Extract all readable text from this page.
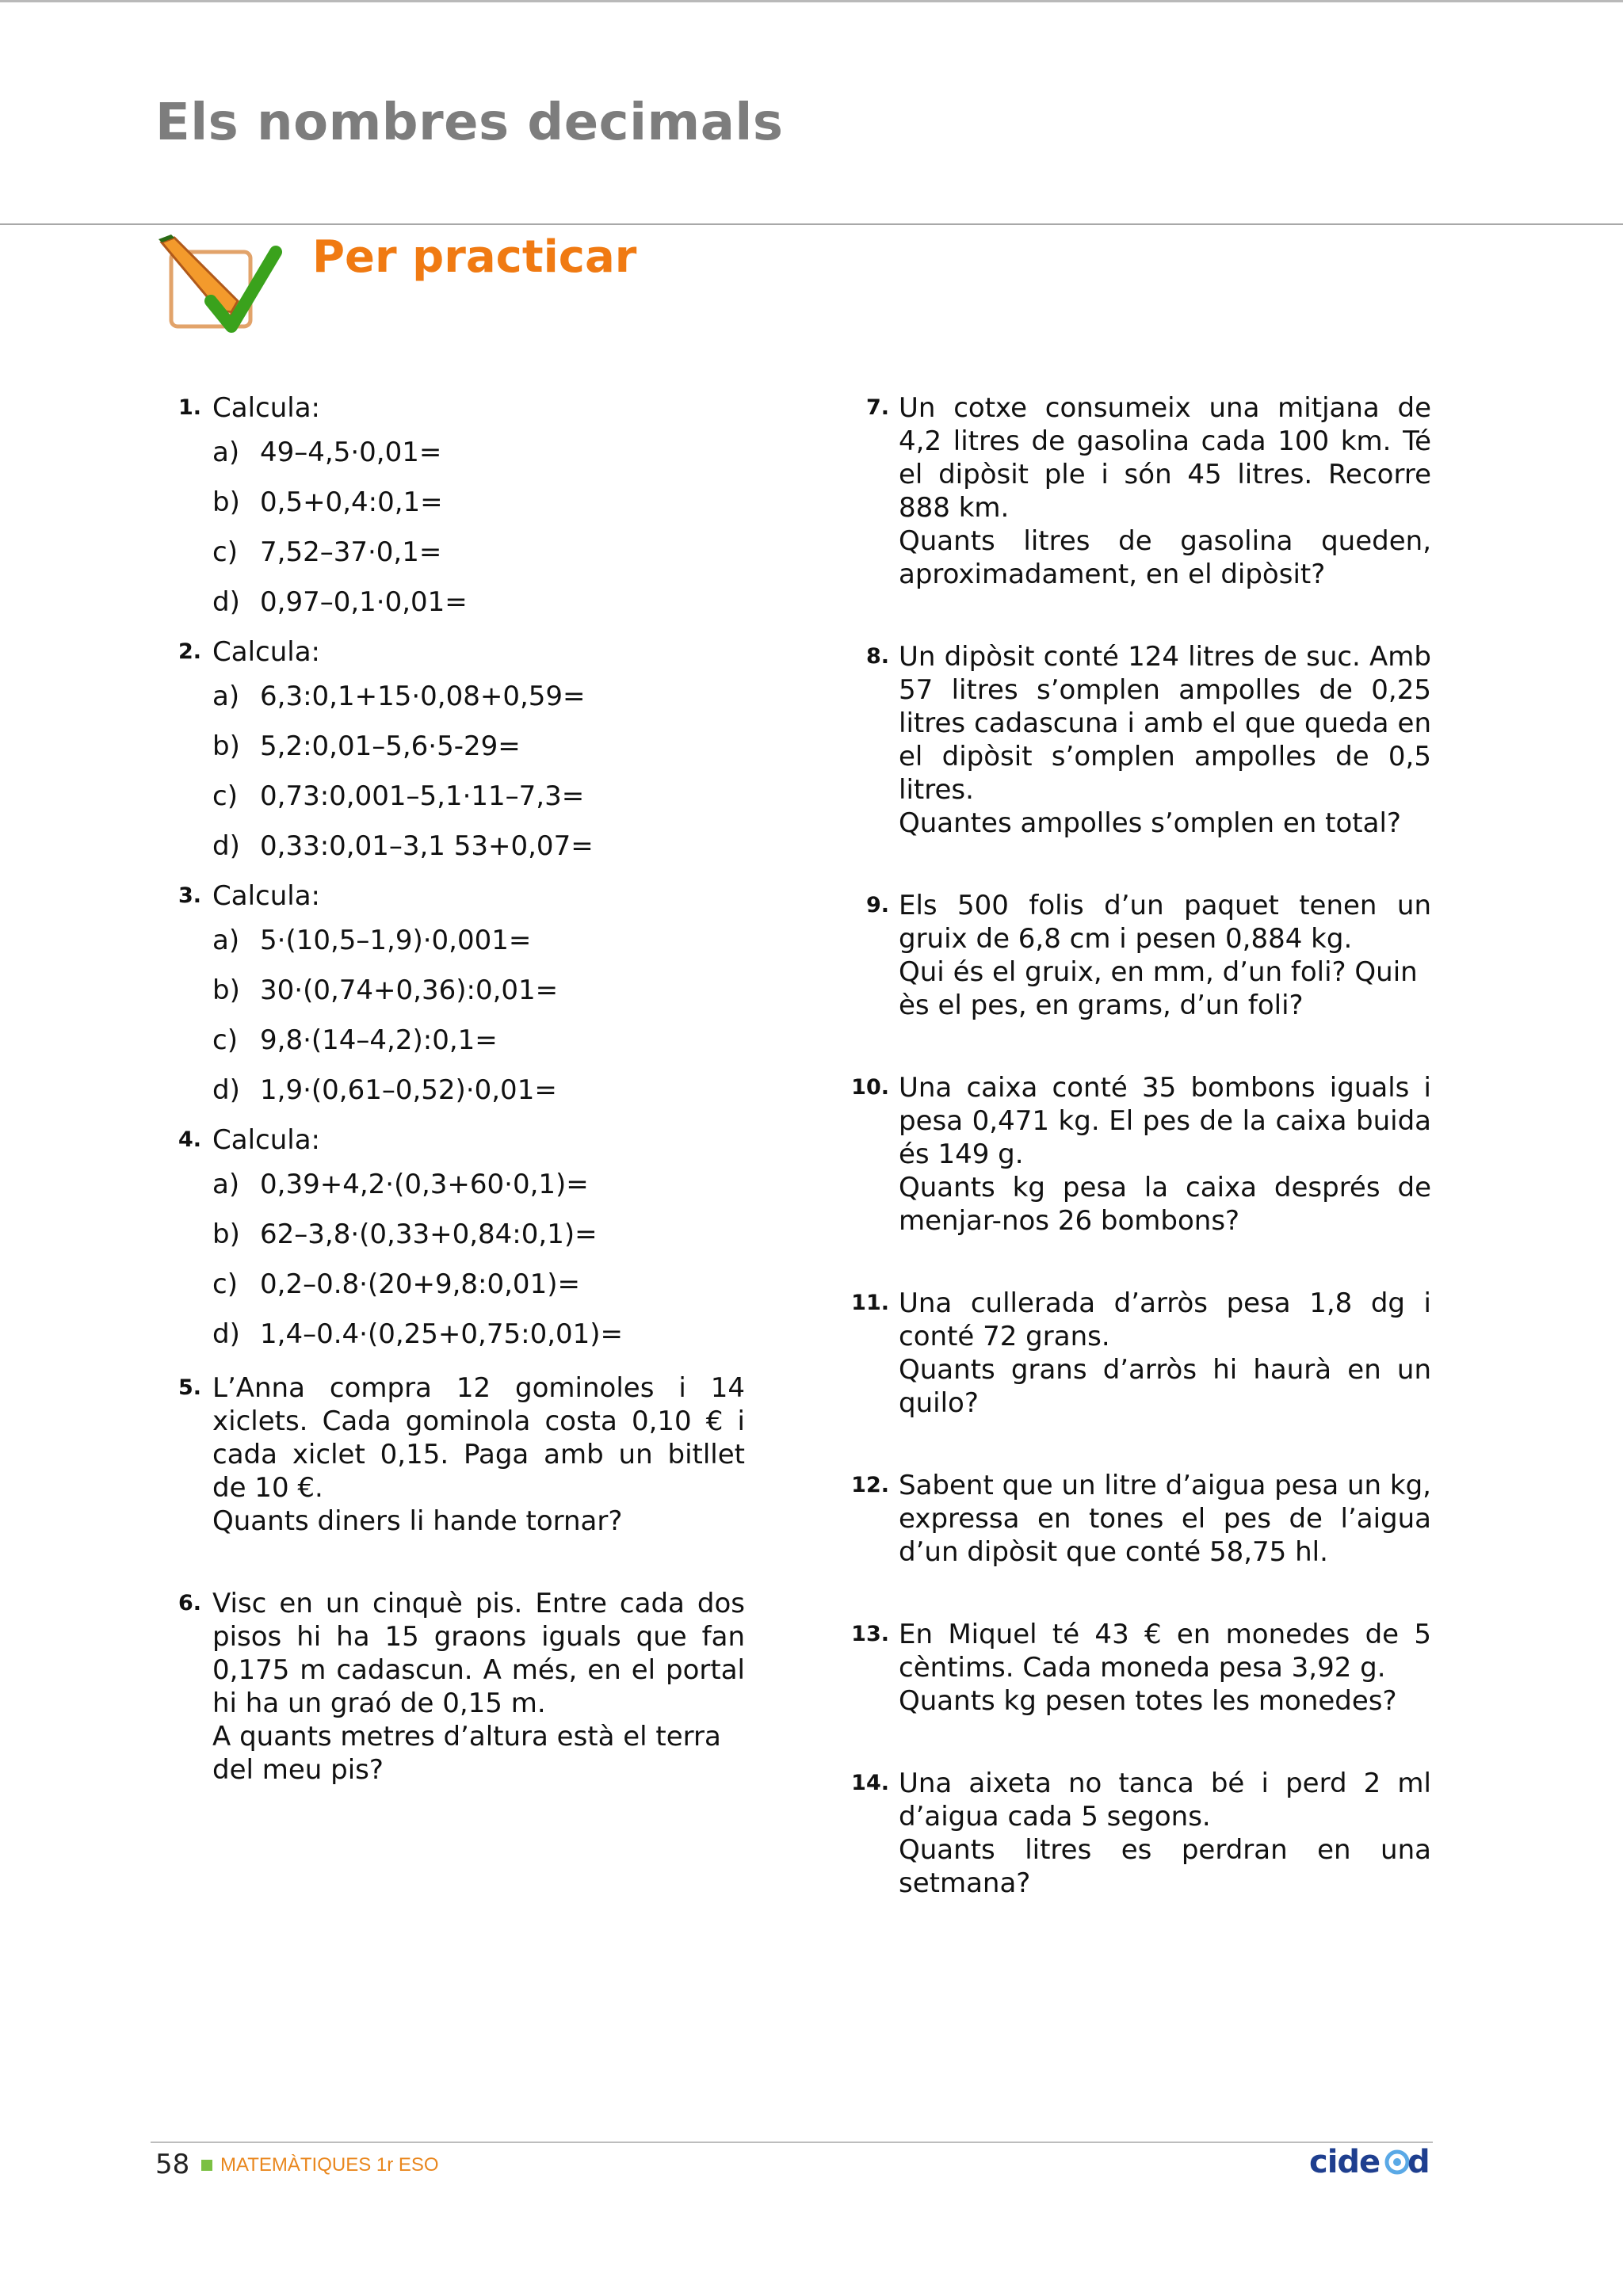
Els nombres decimals
Per practicar
1. Calcula:
a) 49–4,5·0,01=
b) 0,5+0,4:0,1=
c) 7,52–37·0,1=
d) 0,97–0,1·0,01=
2. Calcula:
a) 6,3:0,1+15·0,08+0,59=
b) 5,2:0,01–5,6·5-29=
c) 0,73:0,001–5,1·11–7,3=
d) 0,33:0,01–3,1 53+0,07=
3. Calcula:
a) 5·(10,5–1,9)·0,001=
b) 30·(0,74+0,36):0,01=
c) 9,8·(14–4,2):0,1=
d) 1,9·(0,61–0,52)·0,01=
4. Calcula:
a) 0,39+4,2·(0,3+60·0,1)=
b) 62–3,8·(0,33+0,84:0,1)=
c) 0,2–0.8·(20+9,8:0,01)=
d) 1,4–0.4·(0,25+0,75:0,01)=
5. L’Anna compra 12 gominoles i 14 xiclets. Cada gominola costa 0,10 € i cada xiclet 0,15. Paga amb un bitllet de 10 €.
Quants diners li hande tornar?
6. Visc en un cinquè pis. Entre cada dos pisos hi ha 15 graons iguals que fan 0,175 m cadascun. A més, en el portal hi ha un graó de 0,15 m.
A quants metres d’altura està el terra del meu pis?
7. Un cotxe consumeix una mitjana de 4,2 litres de gasolina cada 100 km. Té el dipòsit ple i són 45 litres. Recorre 888 km.
Quants litres de gasolina queden, aproximadament, en el dipòsit?
8. Un dipòsit conté 124 litres de suc. Amb 57 litres s’omplen ampolles de 0,25 litres cadascuna i amb el que queda en el dipòsit s’omplen ampolles de 0,5 litres.
Quantes ampolles s’omplen en total?
9. Els 500 folis d’un paquet tenen un gruix de 6,8 cm i pesen 0,884 kg.
Qui és el gruix, en mm, d’un foli? Quin ès el pes, en grams, d’un foli?
10. Una caixa conté 35 bombons iguals i pesa 0,471 kg. El pes de la caixa buida és 149 g.
Quants kg pesa la caixa després de menjar-nos 26 bombons?
11. Una cullerada d’arròs pesa 1,8 dg i conté 72 grans.
Quants grans d’arròs hi haurà en un quilo?
12. Sabent que un litre d’aigua pesa un kg, expressa en tones el pes de l’aigua d’un dipòsit que conté 58,75 hl.
13. En Miquel té 43 € en monedes de 5 cèntims. Cada moneda pesa 3,92 g.
Quants kg pesen totes les monedes?
14. Una aixeta no tanca bé i perd 2 ml d’aigua cada 5 segons.
Quants litres es perdran en una setmana?
58 MATEMÀTIQUES 1r ESO	cide d
